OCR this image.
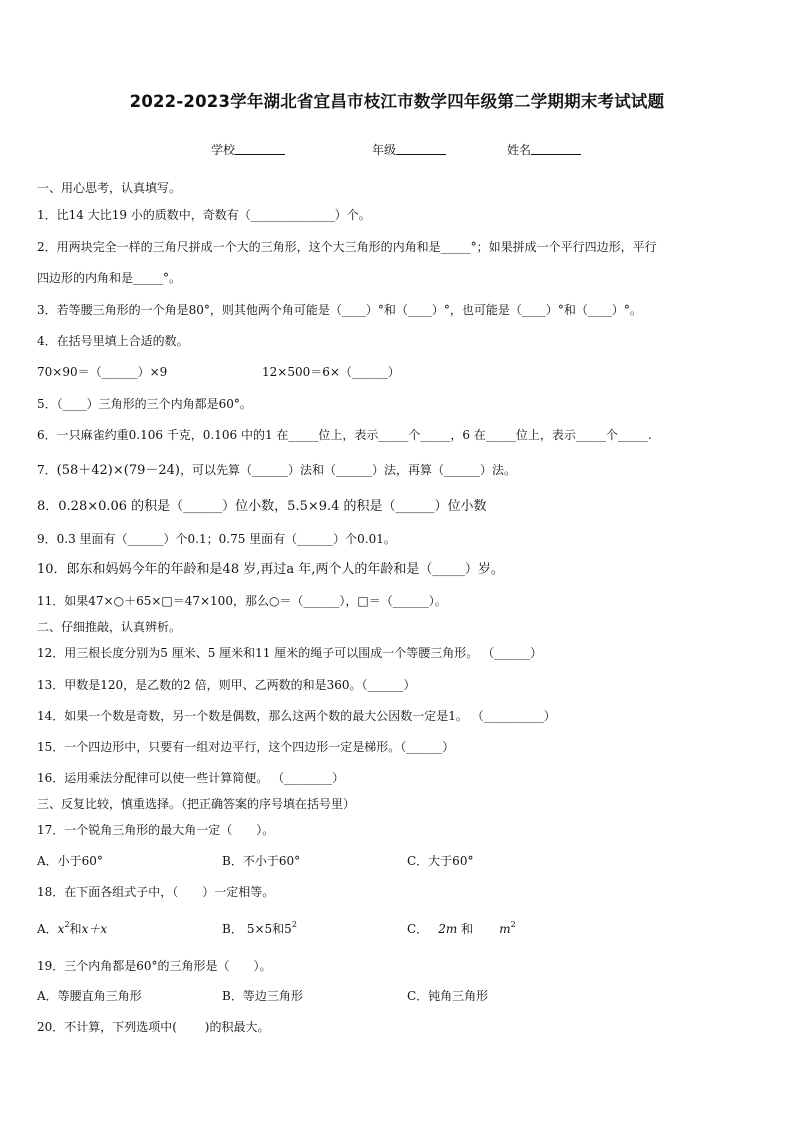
2022-2023学年湖北省宜昌市枝江市数学四年级第二学期期末考试试题
学校	年级	姓名
一、用心思考，认真填写。
1．比14 大比19 小的质数中，奇数有（______________）个。
2．用两块完全一样的三角尺拼成一个大的三角形，这个大三角形的内角和是_____°；如果拼成一个平行四边形，平行
四边形的内角和是_____°。
3．若等腰三角形的一个角是80°，则其他两个角可能是（____）°和（____）°，也可能是（____）°和（____）°。
4．在括号里填上合适的数。
70×90＝（______）×9	12×500＝6×（______）
5．（____）三角形的三个内角都是60°。
6．一只麻雀约重0.106 千克，0.106 中的1 在_____位上，表示_____个_____，6 在_____位上，表示_____个_____.
7．(58＋42)×(79－24)，可以先算（______）法和（______）法，再算（______）法。
8．0.28×0.06 的积是（______）位小数，5.5×9.4 的积是（______）位小数
9．0.3 里面有（______）个0.1；0.75 里面有（______）个0.01。
10．郎东和妈妈今年的年龄和是48 岁,再过a 年,两个人的年龄和是（_____）岁。
11．如果47×○＋65×□＝47×100，那么○＝（______），□＝（______）。
二、仔细推敲，认真辨析。
12．用三根长度分别为5 厘米、5 厘米和11 厘米的绳子可以围成一个等腰三角形。 （______）
13．甲数是120，是乙数的2 倍，则甲、乙两数的和是360。（______）
14．如果一个数是奇数，另一个数是偶数，那么这两个数的最大公因数一定是1。 （__________）
15．一个四边形中，只要有一组对边平行，这个四边形一定是梯形。（______）
16．运用乘法分配律可以使一些计算简便。 （________）
三、反复比较，慎重选择。（把正确答案的序号填在括号里）
17．一个锐角三角形的最大角一定（　　）。
A．小于60°	B．不小于60°	C．大于60°
18．在下面各组式子中，（　　）一定相等。
A．$x^2$和x＋x	B． 5×5和$5^2$	C． 2m 和 $m^2$
19．三个内角都是60°的三角形是（　　）。
A．等腰直角三角形	B．等边三角形	C．钝角三角形
20．不计算，下列选项中(　　 )的积最大。
